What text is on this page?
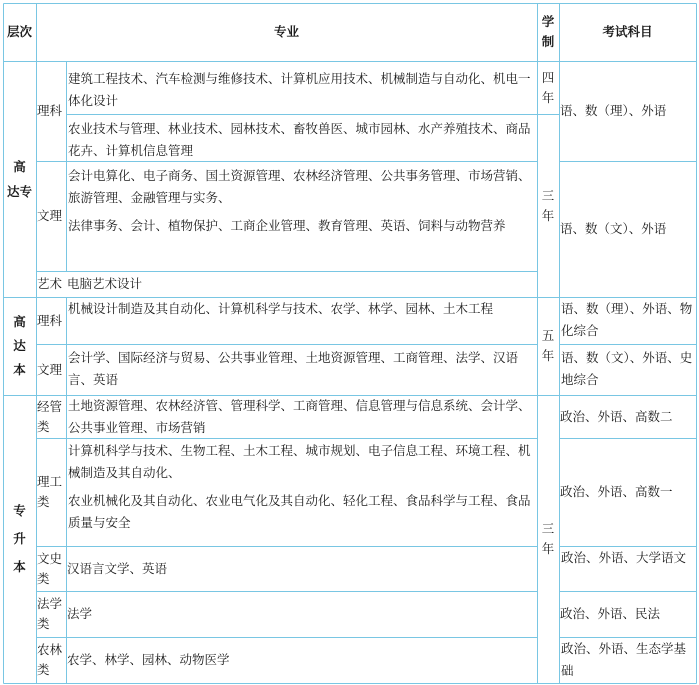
层次	专业
学
制
考试科目
高
达专
理科
建筑工程技术、汽车检测与维修技术、计算机应用技术、机械制造与自动化、机电一体化设计
农业技术与管理、林业技术、园林技术、畜牧兽医、城市园林、水产养殖技术、商品花卉、计算机信息管理
四
年
语、数（理）、外语
文理
会计电算化、电子商务、国土资源管理、农林经济管理、公共事务管理、市场营销、旅游管理、金融管理与实务、
法律事务、会计、植物保护、工商企业管理、教育管理、英语、饲料与动物营养
三
年
语、数（文）、外语
艺术 电脑艺术设计
高
达
本
理科
机械设计制造及其自动化、计算机科学与技术、农学、林学、园林、土木工程
五
年
语、数（理）、外语、物化综合
文理
会计学、国际经济与贸易、公共事业管理、土地资源管理、工商管理、法学、汉语言、英语
语、数（文）、外语、史地综合
专
升
本
三
年
经管类
土地资源管理、农林经济管、管理科学、工商管理、信息管理与信息系统、会计学、公共事业管理、市场营销
政治、外语、高数二
理工类
计算机科学与技术、生物工程、土木工程、城市规划、电子信息工程、环境工程、机械制造及其自动化、
农业机械化及其自动化、农业电气化及其自动化、轻化工程、食品科学与工程、食品质量与安全
政治、外语、高数一
文史类
汉语言文学、英语
政治、外语、大学语文
法学类
法学	政治、外语、民法
农林类
农学、林学、园林、动物医学
政治、外语、生态学基础
